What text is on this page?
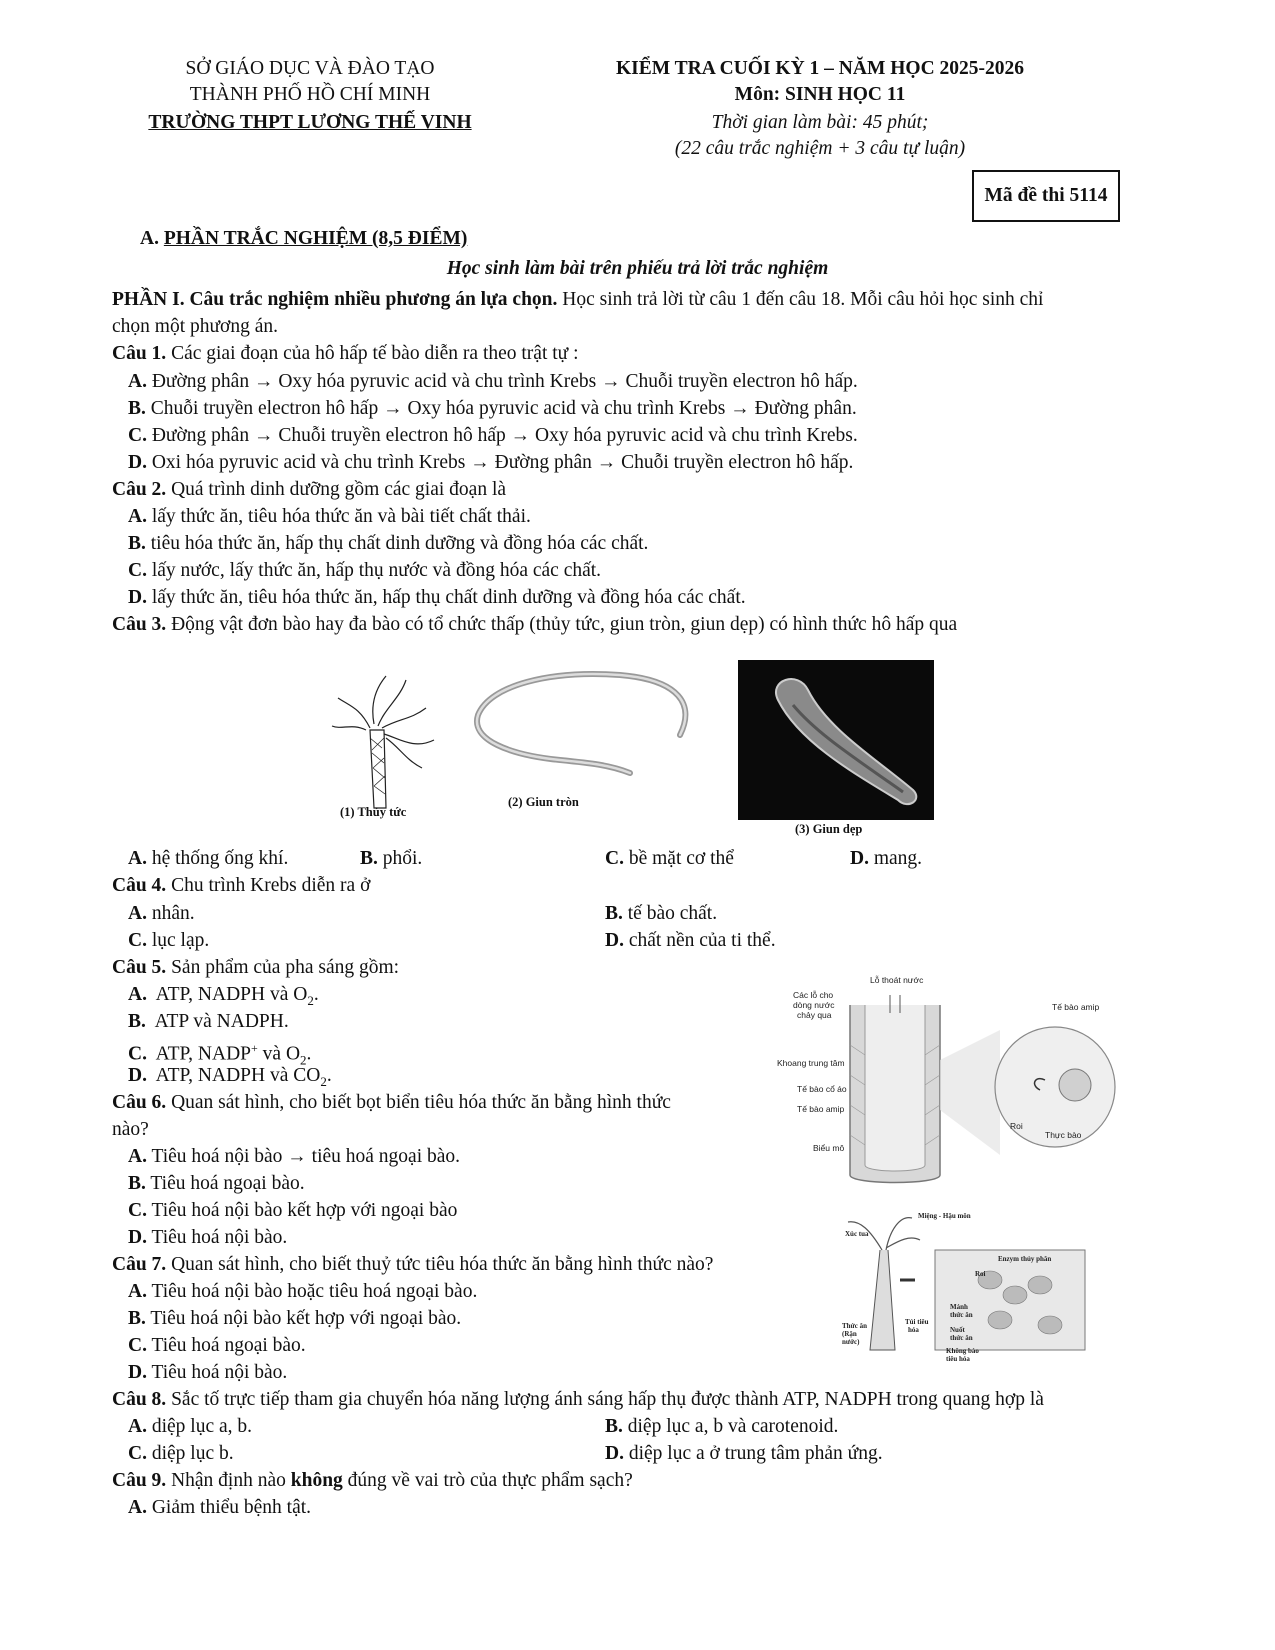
SỞ GIÁO DỤC VÀ ĐÀO TẠO
THÀNH PHỐ HỒ CHÍ MINH
TRƯỜNG THPT LƯƠNG THẾ VINH
KIỂM TRA CUỐI KỲ 1 – NĂM HỌC 2025-2026
Môn: SINH HỌC 11
Thời gian làm bài: 45 phút;
(22 câu trắc nghiệm + 3 câu tự luận)
Mã đề thi 5114
A. PHẦN TRẮC NGHIỆM (8,5 ĐIỂM)
Học sinh làm bài trên phiếu trả lời trắc nghiệm
PHẦN I. Câu trắc nghiệm nhiều phương án lựa chọn. Học sinh trả lời từ câu 1 đến câu 18. Mỗi câu hỏi học sinh chỉ
chọn một phương án.
Câu 1. Các giai đoạn của hô hấp tế bào diễn ra theo trật tự :
A. Đường phân → Oxy hóa pyruvic acid và chu trình Krebs → Chuỗi truyền electron hô hấp.
B. Chuỗi truyền electron hô hấp → Oxy hóa pyruvic acid và chu trình Krebs → Đường phân.
C. Đường phân → Chuỗi truyền electron hô hấp → Oxy hóa pyruvic acid và chu trình Krebs.
D. Oxi hóa pyruvic acid và chu trình Krebs → Đường phân → Chuỗi truyền electron hô hấp.
Câu 2. Quá trình dinh dưỡng gồm các giai đoạn là
A. lấy thức ăn, tiêu hóa thức ăn và bài tiết chất thải.
B. tiêu hóa thức ăn, hấp thụ chất dinh dưỡng và đồng hóa các chất.
C. lấy nước, lấy thức ăn, hấp thụ nước và đồng hóa các chất.
D. lấy thức ăn, tiêu hóa thức ăn, hấp thụ chất dinh dưỡng và đồng hóa các chất.
Câu 3. Động vật đơn bào hay đa bào có tổ chức thấp (thủy tức, giun tròn, giun dẹp) có hình thức hô hấp qua
(1) Thủy tức
(2) Giun tròn
(3) Giun dẹp
A. hệ thống ống khí.	B. phổi.	C. bề mặt cơ thể	D. mang.
Câu 4. Chu trình Krebs diễn ra ở
A. nhân.	B. tế bào chất.
C. lục lạp.	D. chất nền của ti thể.
Câu 5. Sản phẩm của pha sáng gồm:
A. ATP, NADPH và $O_2$.
B. ATP và NADPH.
C. ATP, NADP+ và $O_2$.
D. ATP, NADPH và $CO_2$.
Lỗ thoát nước
Các lỗ cho
dòng nước
chảy qua
Khoang trung tâm
Tế bào cổ áo
Tế bào amip
Biểu mô
Tế bào amip
Roi
Thực bào
Câu 6. Quan sát hình, cho biết bọt biển tiêu hóa thức ăn bằng hình thức
nào?
A. Tiêu hoá nội bào → tiêu hoá ngoại bào.
B. Tiêu hoá ngoại bào.
C. Tiêu hoá nội bào kết hợp với ngoại bào
D. Tiêu hoá nội bào.
Miệng - Hậu môn
Xúc tua
Enzym thủy phân
Roi
Mảnh
thức ăn
Nuốt
thức ăn
Không bào
tiêu hóa
Thức ăn
(Rận
nước)
Túi tiêu
hóa
Câu 7. Quan sát hình, cho biết thuỷ tức tiêu hóa thức ăn bằng hình thức nào?
A. Tiêu hoá nội bào hoặc tiêu hoá ngoại bào.
B. Tiêu hoá nội bào kết hợp với ngoại bào.
C. Tiêu hoá ngoại bào.
D. Tiêu hoá nội bào.
Câu 8. Sắc tố trực tiếp tham gia chuyển hóa năng lượng ánh sáng hấp thụ được thành ATP, NADPH trong quang hợp là
A. diệp lục a, b.	B. diệp lục a, b và carotenoid.
C. diệp lục b.	D. diệp lục a ở trung tâm phản ứng.
Câu 9. Nhận định nào không đúng về vai trò của thực phẩm sạch?
A. Giảm thiểu bệnh tật.
